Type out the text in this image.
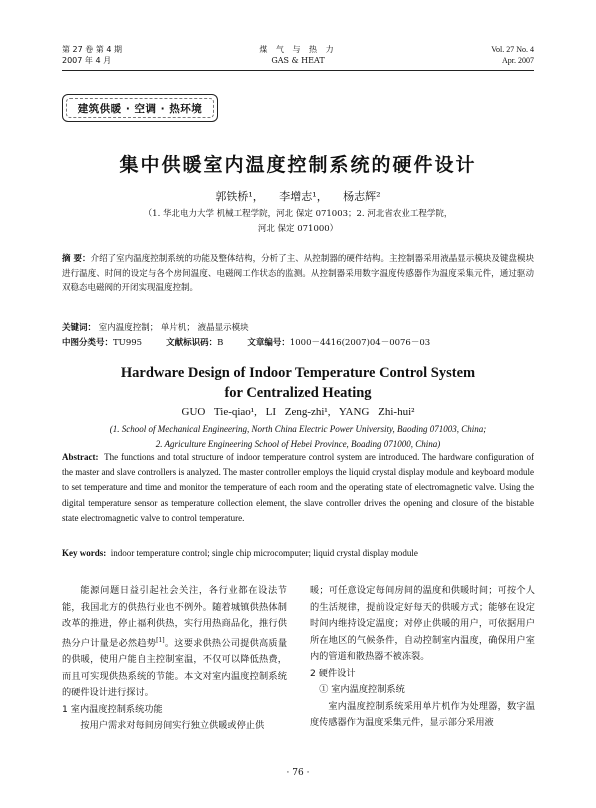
第 27 卷 第 4 期
2007 年 4 月
煤 气 与 热 力
GAS & HEAT
Vol. 27 No. 4
Apr. 2007
建筑供暖 · 空调 · 热环境
集中供暖室内温度控制系统的硬件设计
郭铁桥¹， 李增志¹， 杨志辉²
（1. 华北电力大学 机械工程学院，河北 保定 071003；2. 河北省农业工程学院，
河北 保定 071000）
摘 要：介绍了室内温度控制系统的功能及整体结构，分析了主、从控制器的硬件结构。主控制器采用液晶显示模块及键盘模块进行温度、时间的设定与各个房间温度、电磁阀工作状态的监测。从控制器采用数字温度传感器作为温度采集元件，通过驱动双稳态电磁阀的开闭实现温度控制。
关键词： 室内温度控制； 单片机； 液晶显示模块
中图分类号：TU995	文献标识码：B	文章编号：1000－4416(2007)04－0076－03
Hardware Design of Indoor Temperature Control System
for Centralized Heating
GUO Tie-qiao¹, LI Zeng-zhi¹, YANG Zhi-hui²
(1. School of Mechanical Engineering, North China Electric Power University, Baoding 071003, China;
2. Agriculture Engineering School of Hebei Province, Boading 071000, China)
Abstract: The functions and total structure of indoor temperature control system are introduced. The hardware configuration of the master and slave controllers is analyzed. The master controller employs the liquid crystal display module and keyboard module to set temperature and time and monitor the temperature of each room and the operating state of electromagnetic valve. Using the digital temperature sensor as temperature collection element, the slave controller drives the opening and closure of the bistable state electromagnetic valve to control temperature.
Key words: indoor temperature control; single chip microcomputer; liquid crystal display module

能源问题日益引起社会关注，各行业都在设法节能，我国北方的供热行业也不例外。随着城镇供热体制改革的推进，停止福利供热，实行用热商品化，推行供热分户计量是必然趋势[1]。这要求供热公司提供高质量的供暖，使用户能自主控制室温，不仅可以降低热费，而且可实现供热系统的节能。本文对室内温度控制系统的硬件设计进行探讨。

1 室内温度控制系统功能

按用户需求对每间房间实行独立供暖或停止供

暖；可任意设定每间房间的温度和供暖时间；可按个人的生活规律，提前设定好每天的供暖方式；能够在设定时间内维持设定温度；对停止供暖的用户，可依据用户所在地区的气候条件，自动控制室内温度，确保用户室内的管道和散热器不被冻裂。

2 硬件设计
① 室内温度控制系统

室内温度控制系统采用单片机作为处理器，数字温度传感器作为温度采集元件，显示部分采用液

· 76 ·
